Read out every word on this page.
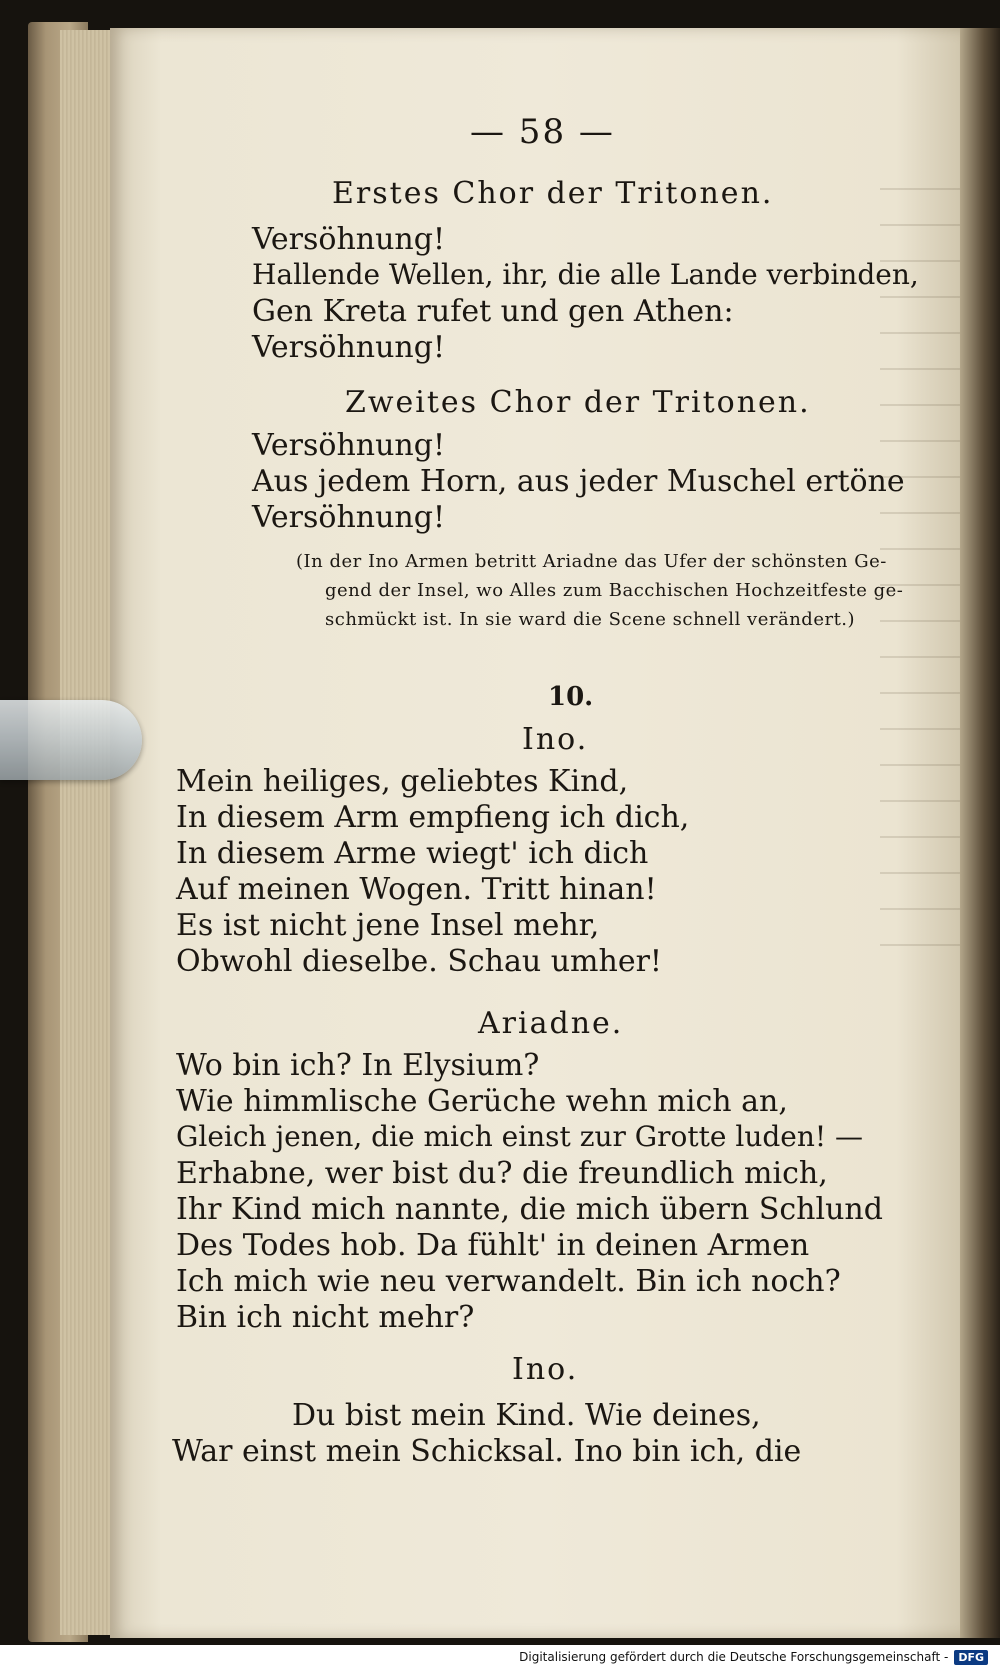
— 58 —
Erstes Chor der Tritonen.
Versöhnung!
Hallende Wellen, ihr, die alle Lande verbinden,
Gen Kreta rufet und gen Athen:
Versöhnung!
Zweites Chor der Tritonen.
Versöhnung!
Aus jedem Horn, aus jeder Muschel ertöne
Versöhnung!
(In der Ino Armen betritt Ariadne das Ufer der schönsten Ge-
gend der Insel, wo Alles zum Bacchischen Hochzeitfeste ge-
schmückt ist. In sie ward die Scene schnell verändert.)
10.
Ino.
Mein heiliges, geliebtes Kind,
In diesem Arm empfieng ich dich,
In diesem Arme wiegt' ich dich
Auf meinen Wogen. Tritt hinan!
Es ist nicht jene Insel mehr,
Obwohl dieselbe. Schau umher!
Ariadne.
Wo bin ich? In Elysium?
Wie himmlische Gerüche wehn mich an,
Gleich jenen, die mich einst zur Grotte luden! —
Erhabne, wer bist du? die freundlich mich,
Ihr Kind mich nannte, die mich übern Schlund
Des Todes hob. Da fühlt' in deinen Armen
Ich mich wie neu verwandelt. Bin ich noch?
Bin ich nicht mehr?
Ino.
Du bist mein Kind. Wie deines,
War einst mein Schicksal. Ino bin ich, die
Digitalisierung gefördert durch die Deutsche Forschungsgemeinschaft - DFG
